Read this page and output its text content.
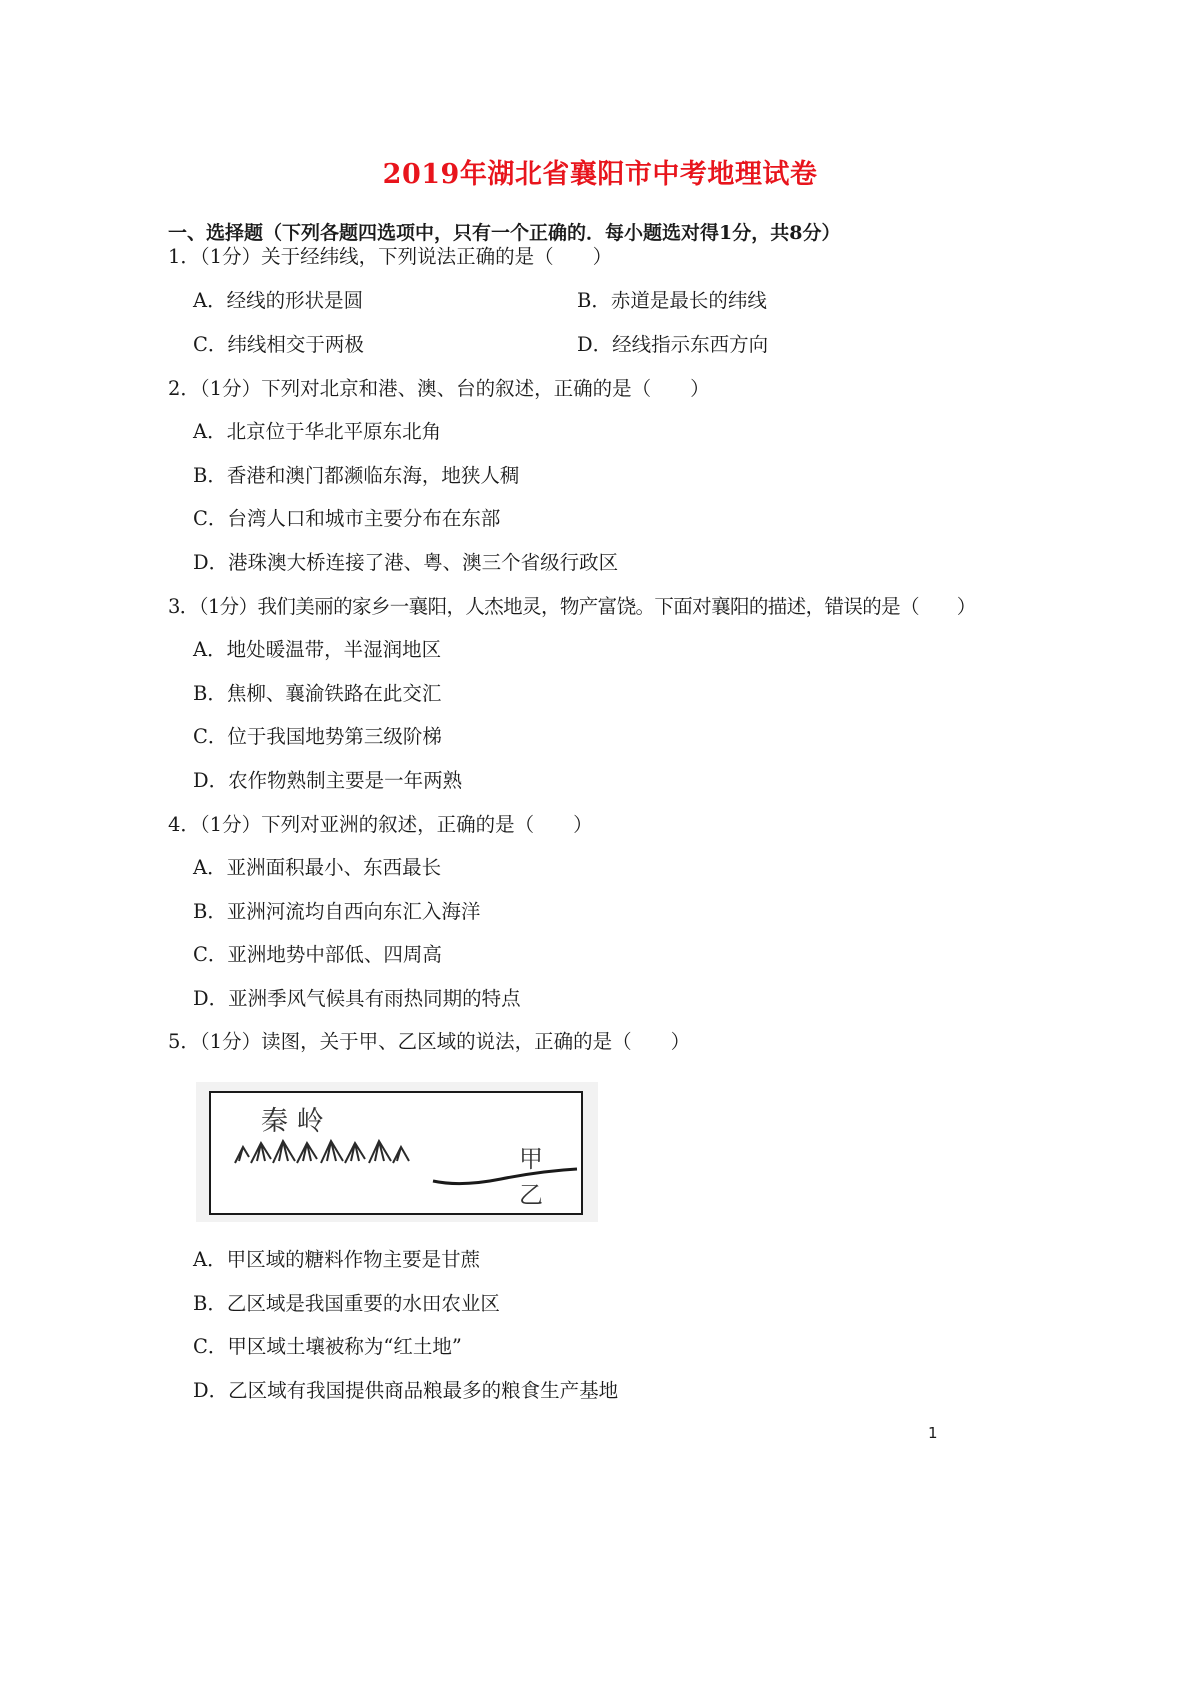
2019年湖北省襄阳市中考地理试卷
一、选择题（下列各题四选项中，只有一个正确的．每小题选对得1分，共8分）
1．（1分）关于经纬线，下列说法正确的是（　　）
A．经线的形状是圆	B．赤道是最长的纬线
C．纬线相交于两极	D．经线指示东西方向
2．（1分）下列对北京和港、澳、台的叙述，正确的是（　　）
A．北京位于华北平原东北角
B．香港和澳门都濒临东海，地狭人稠
C．台湾人口和城市主要分布在东部
D．港珠澳大桥连接了港、粤、澳三个省级行政区
3．（1分）我们美丽的家乡一襄阳，人杰地灵，物产富饶。下面对襄阳的描述，错误的是（　　）
A．地处暖温带，半湿润地区
B．焦柳、襄渝铁路在此交汇
C．位于我国地势第三级阶梯
D．农作物熟制主要是一年两熟
4．（1分）下列对亚洲的叙述，正确的是（　　）
A．亚洲面积最小、东西最长
B．亚洲河流均自西向东汇入海洋
C．亚洲地势中部低、四周高
D．亚洲季风气候具有雨热同期的特点
5．（1分）读图，关于甲、乙区域的说法，正确的是（　　）
秦 岭
甲
乙
A．甲区域的糖料作物主要是甘蔗
B．乙区域是我国重要的水田农业区
C．甲区域土壤被称为“红土地”
D．乙区域有我国提供商品粮最多的粮食生产基地
1
